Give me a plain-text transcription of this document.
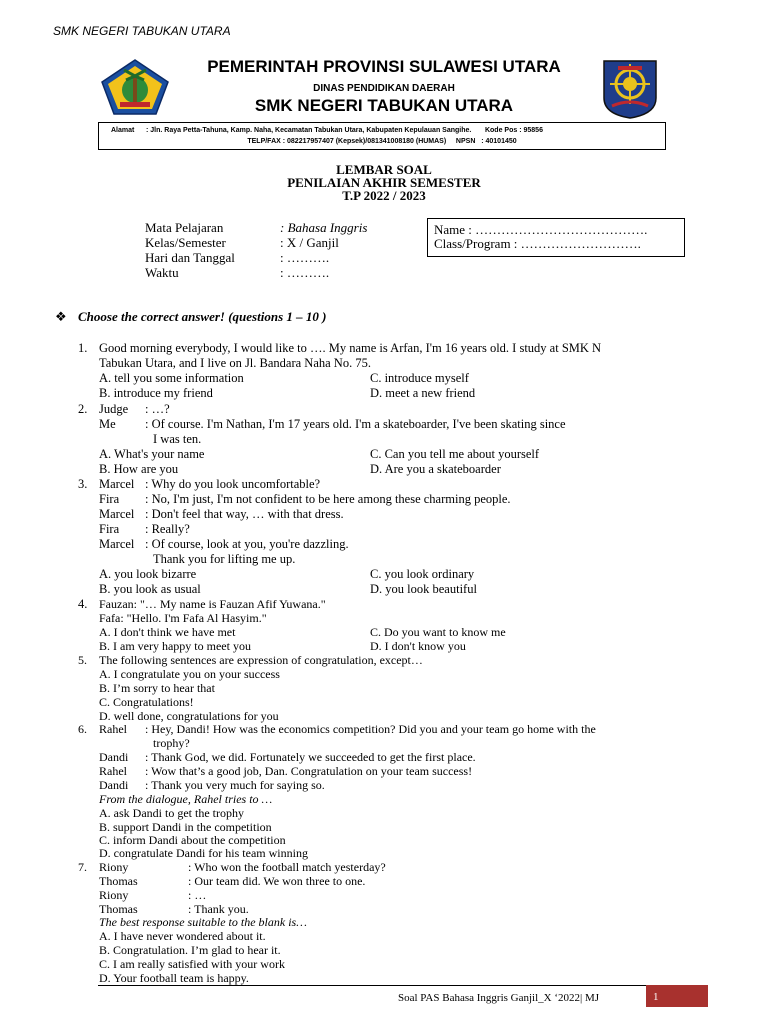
SMK NEGERI TABUKAN UTARA
PEMERINTAH PROVINSI SULAWESI UTARA
DINAS PENDIDIKAN DAERAH
SMK NEGERI TABUKAN UTARA
Alamat : Jln. Raya Petta-Tahuna, Kamp. Naha, Kecamatan Tabukan Utara, Kabupaten Kepulauan Sangihe. Kode Pos : 95856
TELP/FAX : 082217957407 (Kepsek)/081341008180 (HUMAS) NPSN : 40101450
LEMBAR SOAL
PENILAIAN AKHIR SEMESTER
T.P 2022 / 2023
Mata Pelajaran	: Bahasa Inggris
Kelas/Semester	: X / Ganjil
Hari dan Tanggal	: ……….
Waktu	: ……….
Name : ………………………………….
Class/Program : ……………………….
❖ Choose the correct answer! (questions 1 – 10 )
1. Good morning everybody, I would like to …. My name is Arfan, I'm 16 years old. I study at SMK N
Tabukan Utara, and I live on Jl. Bandara Naha No. 75.
A. tell you some information
B. introduce my friend
C. introduce myself
D. meet a new friend
2. Judge : …?
Me : Of course. I'm Nathan, I'm 17 years old. I'm a skateboarder, I've been skating since
I was ten.
A. What's your name
B. How are you
C. Can you tell me about yourself
D. Are you a skateboarder
3. Marcel : Why do you look uncomfortable?
Fira : No, I'm just, I'm not confident to be here among these charming people.
Marcel : Don't feel that way, … with that dress.
Fira : Really?
Marcel : Of course, look at you, you're dazzling.
Thank you for lifting me up.
A. you look bizarre
B. you look as usual
C. you look ordinary
D. you look beautiful
4. Fauzan: "… My name is Fauzan Afif Yuwana."
Fafa: "Hello. I'm Fafa Al Hasyim."
A. I don't think we have met
B. I am very happy to meet you
C. Do you want to know me
D. I don't know you
5. The following sentences are expression of congratulation, except…
A. I congratulate you on your success
B. I’m sorry to hear that
C. Congratulations!
D. well done, congratulations for you
6. Rahel : Hey, Dandi! How was the economics competition? Did you and your team go home with the
trophy?
Dandi : Thank God, we did. Fortunately we succeeded to get the first place.
Rahel : Wow that’s a good job, Dan. Congratulation on your team success!
Dandi : Thank you very much for saying so.
From the dialogue, Rahel tries to …
A. ask Dandi to get the trophy
B. support Dandi in the competition
C. inform Dandi about the competition
D. congratulate Dandi for his team winning
7. Riony	: Who won the football match yesterday?
Thomas	: Our team did. We won three to one.
Riony	: …
Thomas	: Thank you.
The best response suitable to the blank is…
A. I have never wondered about it.
B. Congratulation. I’m glad to hear it.
C. I am really satisfied with your work
D. Your football team is happy.
Soal PAS Bahasa Inggris Ganjil_X ‘2022| MJ	1
